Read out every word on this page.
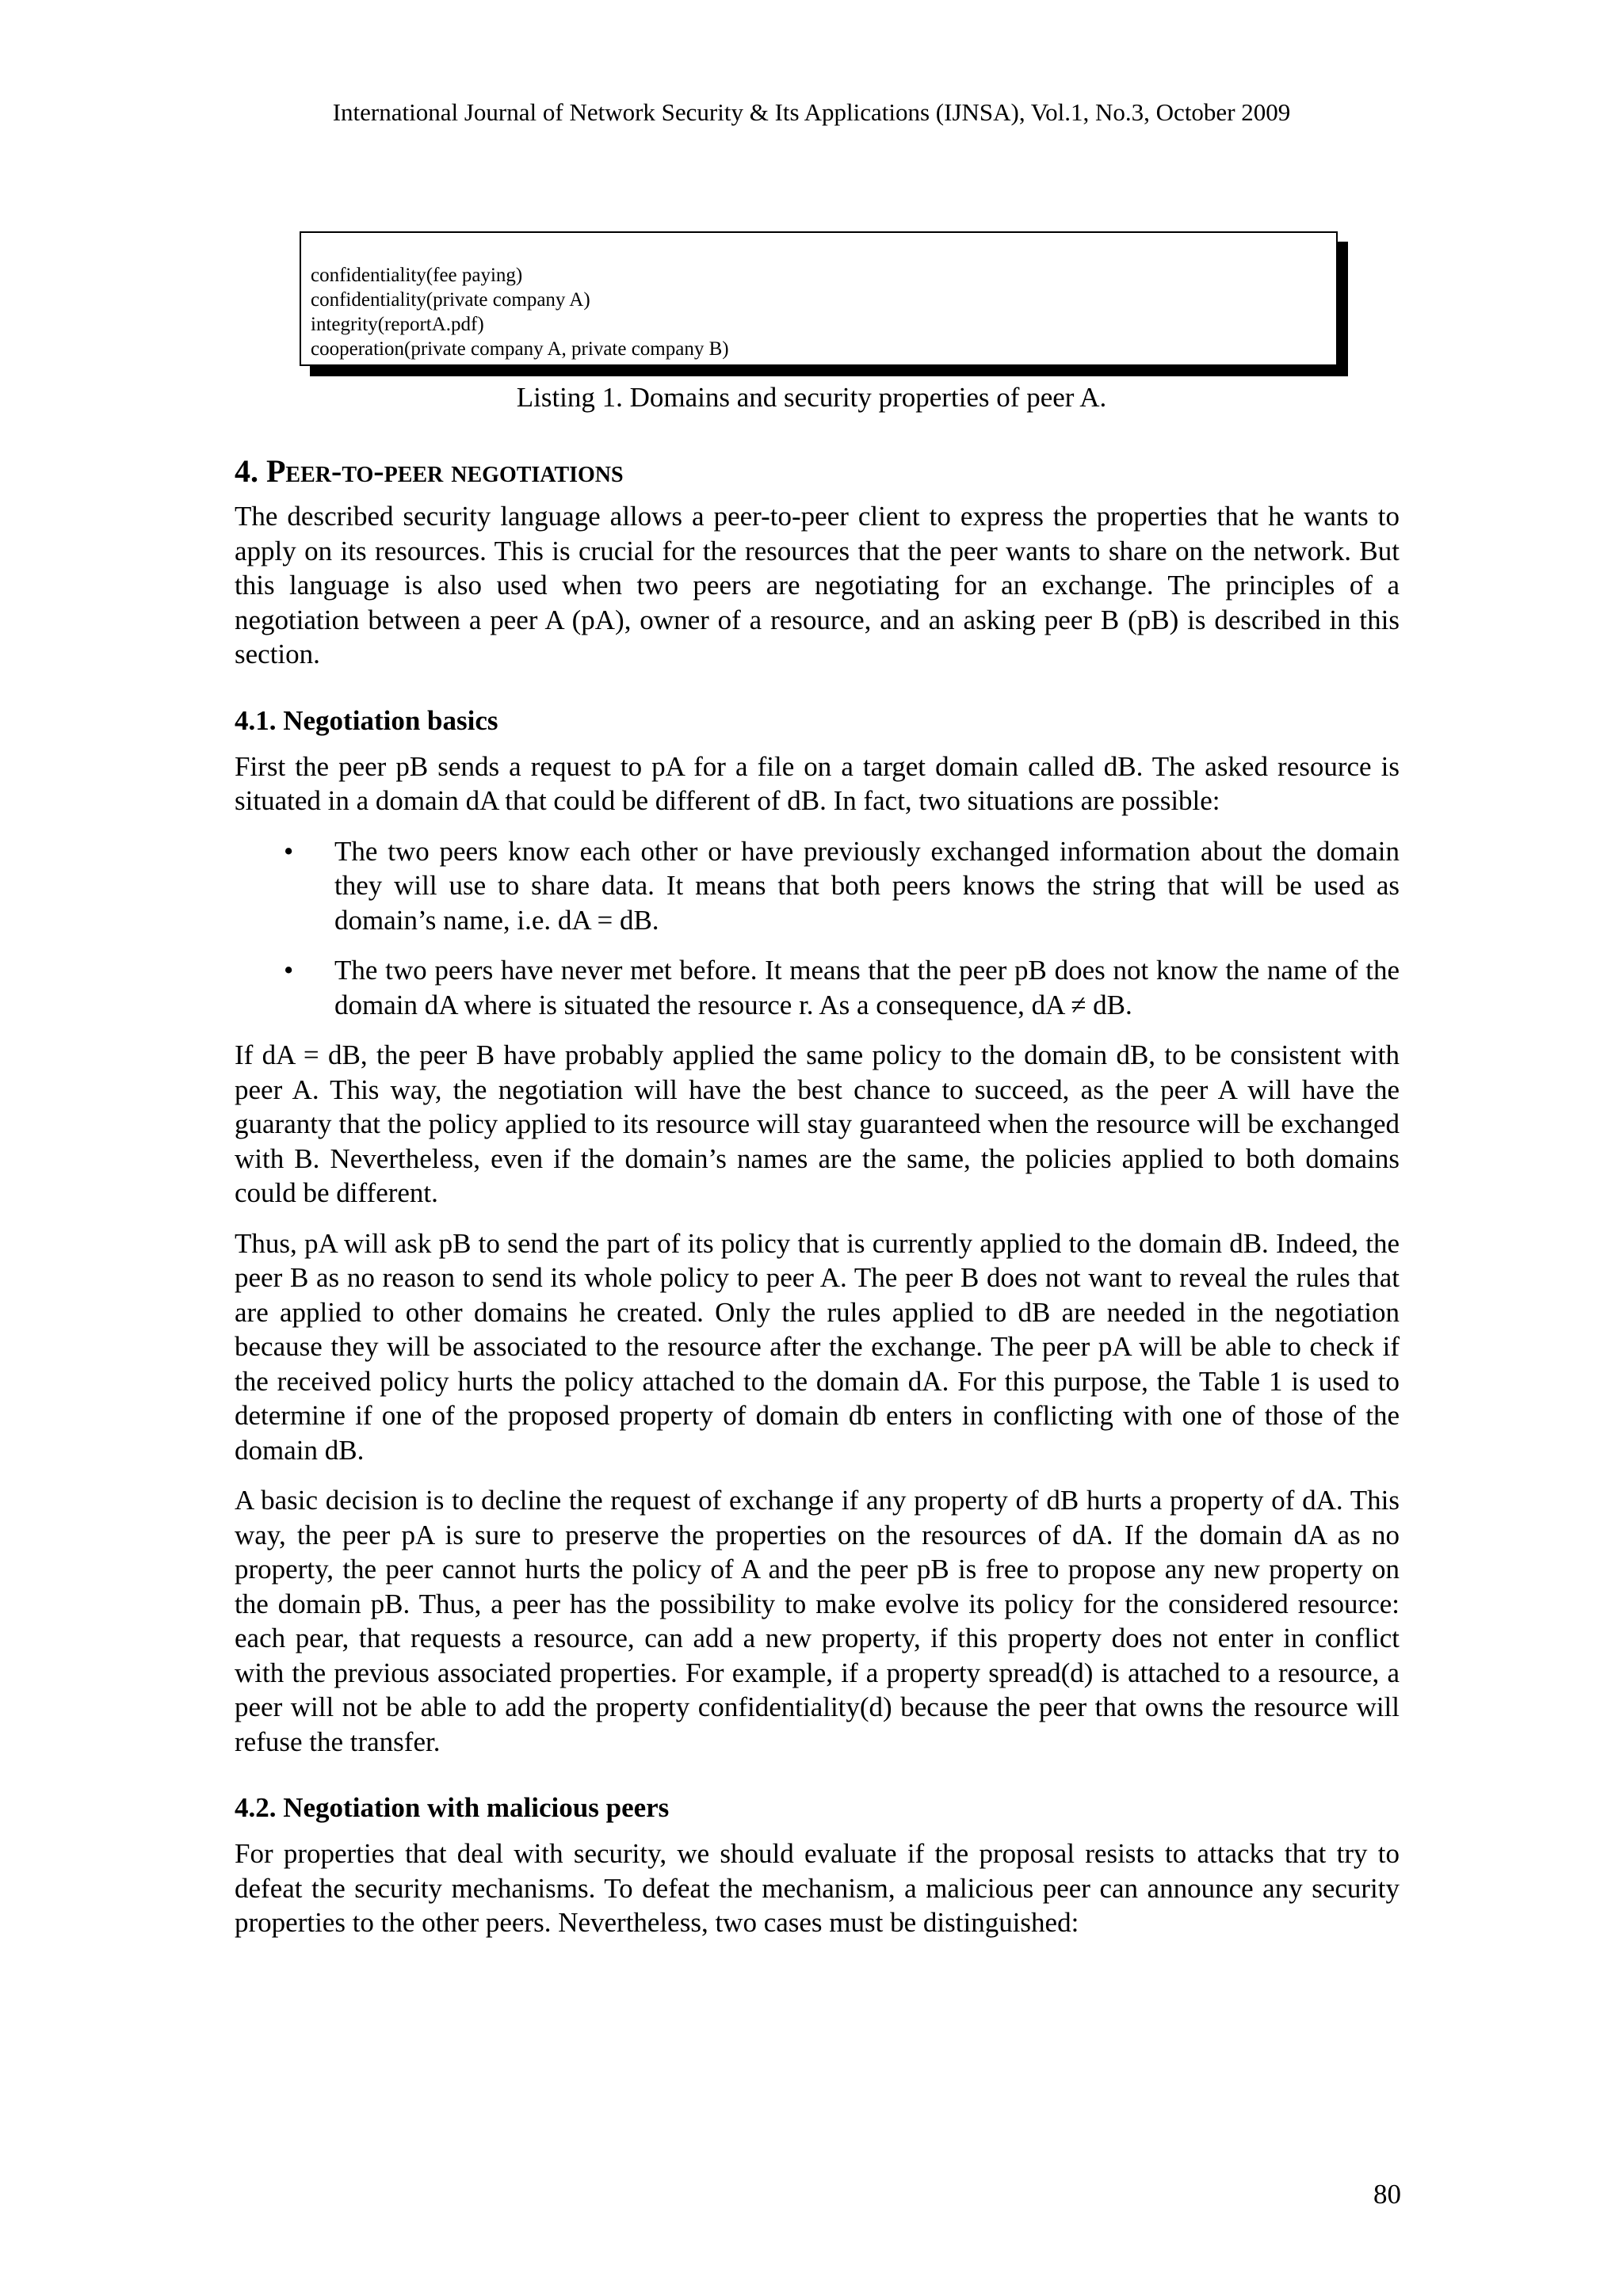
International Journal of Network Security & Its Applications (IJNSA), Vol.1, No.3, October 2009
confidentiality(fee paying)
confidentiality(private company A)
integrity(reportA.pdf)
cooperation(private company A, private company B)
Listing 1. Domains and security properties of peer A.
4. Peer-to-peer negotiations

The described security language allows a peer-to-peer client to express the properties that he wants to apply on its resources. This is crucial for the resources that the peer wants to share on the network. But this language is also used when two peers are negotiating for an exchange. The principles of a negotiation between a peer A (pA), owner of a resource, and an asking peer B (pB) is described in this section.

4.1. Negotiation basics

First the peer pB sends a request to pA for a file on a target domain called dB. The asked resource is situated in a domain dA that could be different of dB. In fact, two situations are possible:

• The two peers know each other or have previously exchanged information about the domain they will use to share data. It means that both peers knows the string that will be used as domain’s name, i.e. dA = dB.
• The two peers have never met before. It means that the peer pB does not know the name of the domain dA where is situated the resource r. As a consequence, dA ≠ dB.

If dA = dB, the peer B have probably applied the same policy to the domain dB, to be consistent with peer A. This way, the negotiation will have the best chance to succeed, as the peer A will have the guaranty that the policy applied to its resource will stay guaranteed when the resource will be exchanged with B. Nevertheless, even if the domain’s names are the same, the policies applied to both domains could be different.

Thus, pA will ask pB to send the part of its policy that is currently applied to the domain dB. Indeed, the peer B as no reason to send its whole policy to peer A. The peer B does not want to reveal the rules that are applied to other domains he created. Only the rules applied to dB are needed in the negotiation because they will be associated to the resource after the exchange. The peer pA will be able to check if the received policy hurts the policy attached to the domain dA. For this purpose, the Table 1 is used to determine if one of the proposed property of domain db enters in conflicting with one of those of the domain dB.

A basic decision is to decline the request of exchange if any property of dB hurts a property of dA. This way, the peer pA is sure to preserve the properties on the resources of dA. If the domain dA as no property, the peer cannot hurts the policy of A and the peer pB is free to propose any new property on the domain pB. Thus, a peer has the possibility to make evolve its policy for the considered resource: each pear, that requests a resource, can add a new property, if this property does not enter in conflict with the previous associated properties. For example, if a property spread(d) is attached to a resource, a peer will not be able to add the property confidentiality(d) because the peer that owns the resource will refuse the transfer.

4.2. Negotiation with malicious peers

For properties that deal with security, we should evaluate if the proposal resists to attacks that try to defeat the security mechanisms. To defeat the mechanism, a malicious peer can announce any security properties to the other peers. Nevertheless, two cases must be distinguished:

80
